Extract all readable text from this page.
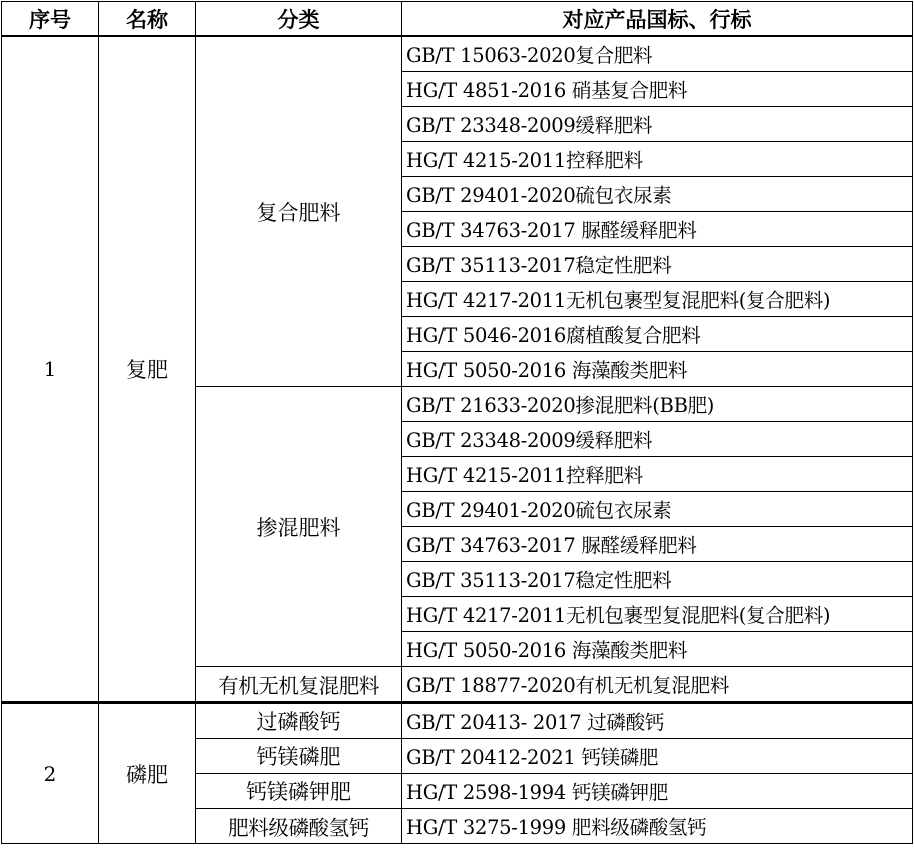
序号	名称	分类	对应产品国标、行标
1	复肥	复合肥料	GB/T 15063-2020复合肥料
			HG/T 4851-2016 硝基复合肥料
			GB/T 23348-2009缓释肥料
			HG/T 4215-2011控释肥料
			GB/T 29401-2020硫包衣尿素
			GB/T 34763-2017 脲醛缓释肥料
			GB/T 35113-2017稳定性肥料
			HG/T 4217-2011无机包裹型复混肥料(复合肥料)
			HG/T 5046-2016腐植酸复合肥料
			HG/T 5050-2016 海藻酸类肥料
		掺混肥料	GB/T 21633-2020掺混肥料(BB肥)
			GB/T 23348-2009缓释肥料
			HG/T 4215-2011控释肥料
			GB/T 29401-2020硫包衣尿素
			GB/T 34763-2017 脲醛缓释肥料
			GB/T 35113-2017稳定性肥料
			HG/T 4217-2011无机包裹型复混肥料(复合肥料)
			HG/T 5050-2016 海藻酸类肥料
		有机无机复混肥料	GB/T 18877-2020有机无机复混肥料
2	磷肥	过磷酸钙	GB/T 20413- 2017 过磷酸钙
		钙镁磷肥	GB/T 20412-2021 钙镁磷肥
		钙镁磷钾肥	HG/T 2598-1994 钙镁磷钾肥
		肥料级磷酸氢钙	HG/T 3275-1999 肥料级磷酸氢钙
